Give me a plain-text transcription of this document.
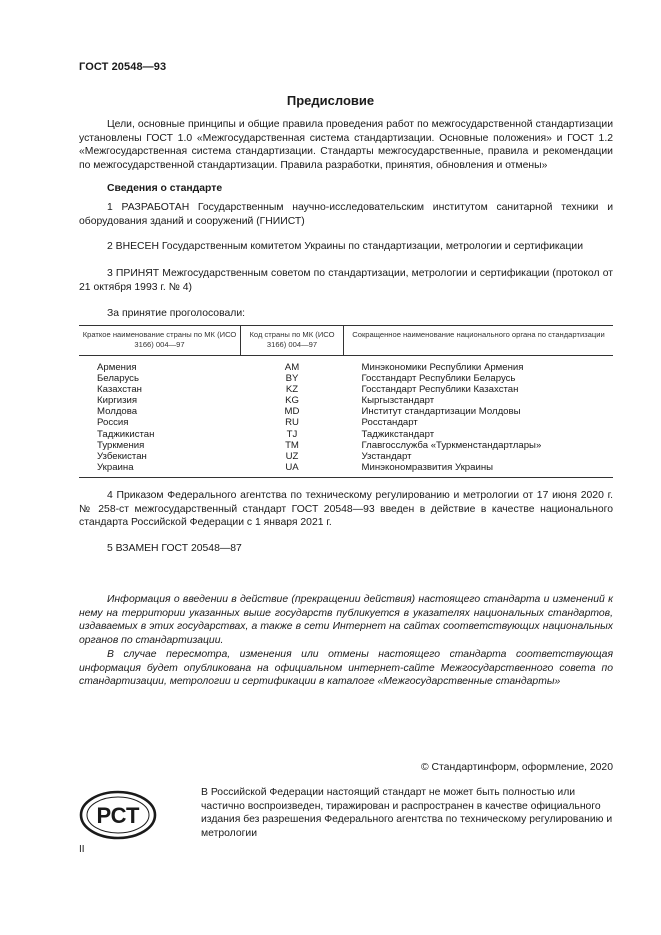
ГОСТ 20548—93
Предисловие
Цели, основные принципы и общие правила проведения работ по межгосударственной стандартизации установлены ГОСТ 1.0 «Межгосударственная система стандартизации. Основные положения» и ГОСТ 1.2 «Межгосударственная система стандартизации. Стандарты межгосударственные, правила и рекомендации по межгосударственной стандартизации. Правила разработки, принятия, обновления и отмены»
Сведения о стандарте
1 РАЗРАБОТАН Государственным научно-исследовательским институтом санитарной техники и оборудования зданий и сооружений (ГНИИСТ)
2 ВНЕСЕН Государственным комитетом Украины по стандартизации, метрологии и сертификации
3 ПРИНЯТ Межгосударственным советом по стандартизации, метрологии и сертификации (протокол от 21 октября 1993 г. № 4)
За принятие проголосовали:
Краткое наименование страны по МК (ИСО 3166) 004—97	Код страны по МК (ИСО 3166) 004—97	Сокращенное наименование национального органа по стандартизации
Армения	AM	Минэкономики Республики Армения
Беларусь	BY	Госстандарт Республики Беларусь
Казахстан	KZ	Госстандарт Республики Казахстан
Киргизия	KG	Кыргызстандарт
Молдова	MD	Институт стандартизации Молдовы
Россия	RU	Росстандарт
Таджикистан	TJ	Таджикстандарт
Туркмения	TM	Главгосслужба «Туркменстандартлары»
Узбекистан	UZ	Узстандарт
Украина	UA	Минэкономразвития Украины
4 Приказом Федерального агентства по техническому регулированию и метрологии от 17 июня 2020 г. № 258-ст межгосударственный стандарт ГОСТ 20548—93 введен в действие в качестве национального стандарта Российской Федерации с 1 января 2021 г.
5 ВЗАМЕН ГОСТ 20548—87
Информация о введении в действие (прекращении действия) настоящего стандарта и изменений к нему на территории указанных выше государств публикуется в указателях национальных стандартов, издаваемых в этих государствах, а также в сети Интернет на сайтах соответствующих национальных органов по стандартизации.
В случае пересмотра, изменения или отмены настоящего стандарта соответствующая информация будет опубликована на официальном интернет-сайте Межгосударственного совета по стандартизации, метрологии и сертификации в каталоге «Межгосударственные стандарты»
© Стандартинформ, оформление, 2020
РСТ
В Российской Федерации настоящий стандарт не может быть полностью или частично воспроизведен, тиражирован и распространен в качестве официального издания без разрешения Федерального агентства по техническому регулированию и метрологии
II
